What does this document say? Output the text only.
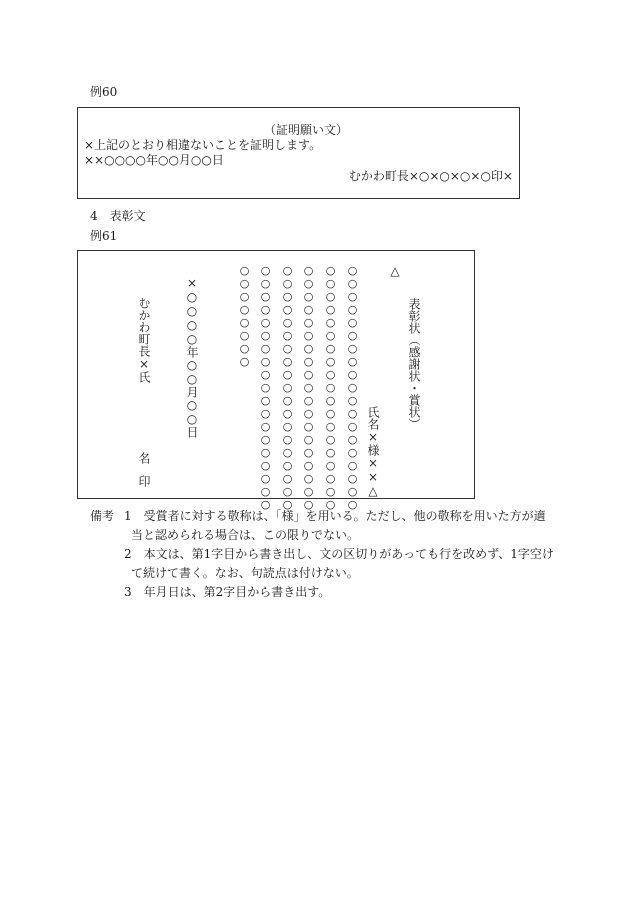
例60
（証明願い文）
×上記のとおり相違ないことを証明します。
××○○○○年○○月○○日
むかわ町長×○×○×○×○印×
4　表彰文
例61
△
表彰状（感謝状・賞状）
氏名×様××△
○○○○○○○○○○○○○○○○○○○
○○○○○○○○○○○○○○○○○○○
○○○○○○○○○○○○○○○○○○○
○○○○○○○○○○○○○○○○○○○
○○○○○○○○○○○○○○○○○○○
○○○○○○○○
×○○○○年○○月○○日
むかわ町長×氏
名
印
備考 1　受賞者に対する敬称は、「様」を用いる。ただし、他の敬称を用いた方が適
当と認められる場合は、この限りでない。
2　本文は、第1字目から書き出し、文の区切りがあっても行を改めず、1字空け
て続けて書く。なお、句読点は付けない。
3　年月日は、第2字目から書き出す。
